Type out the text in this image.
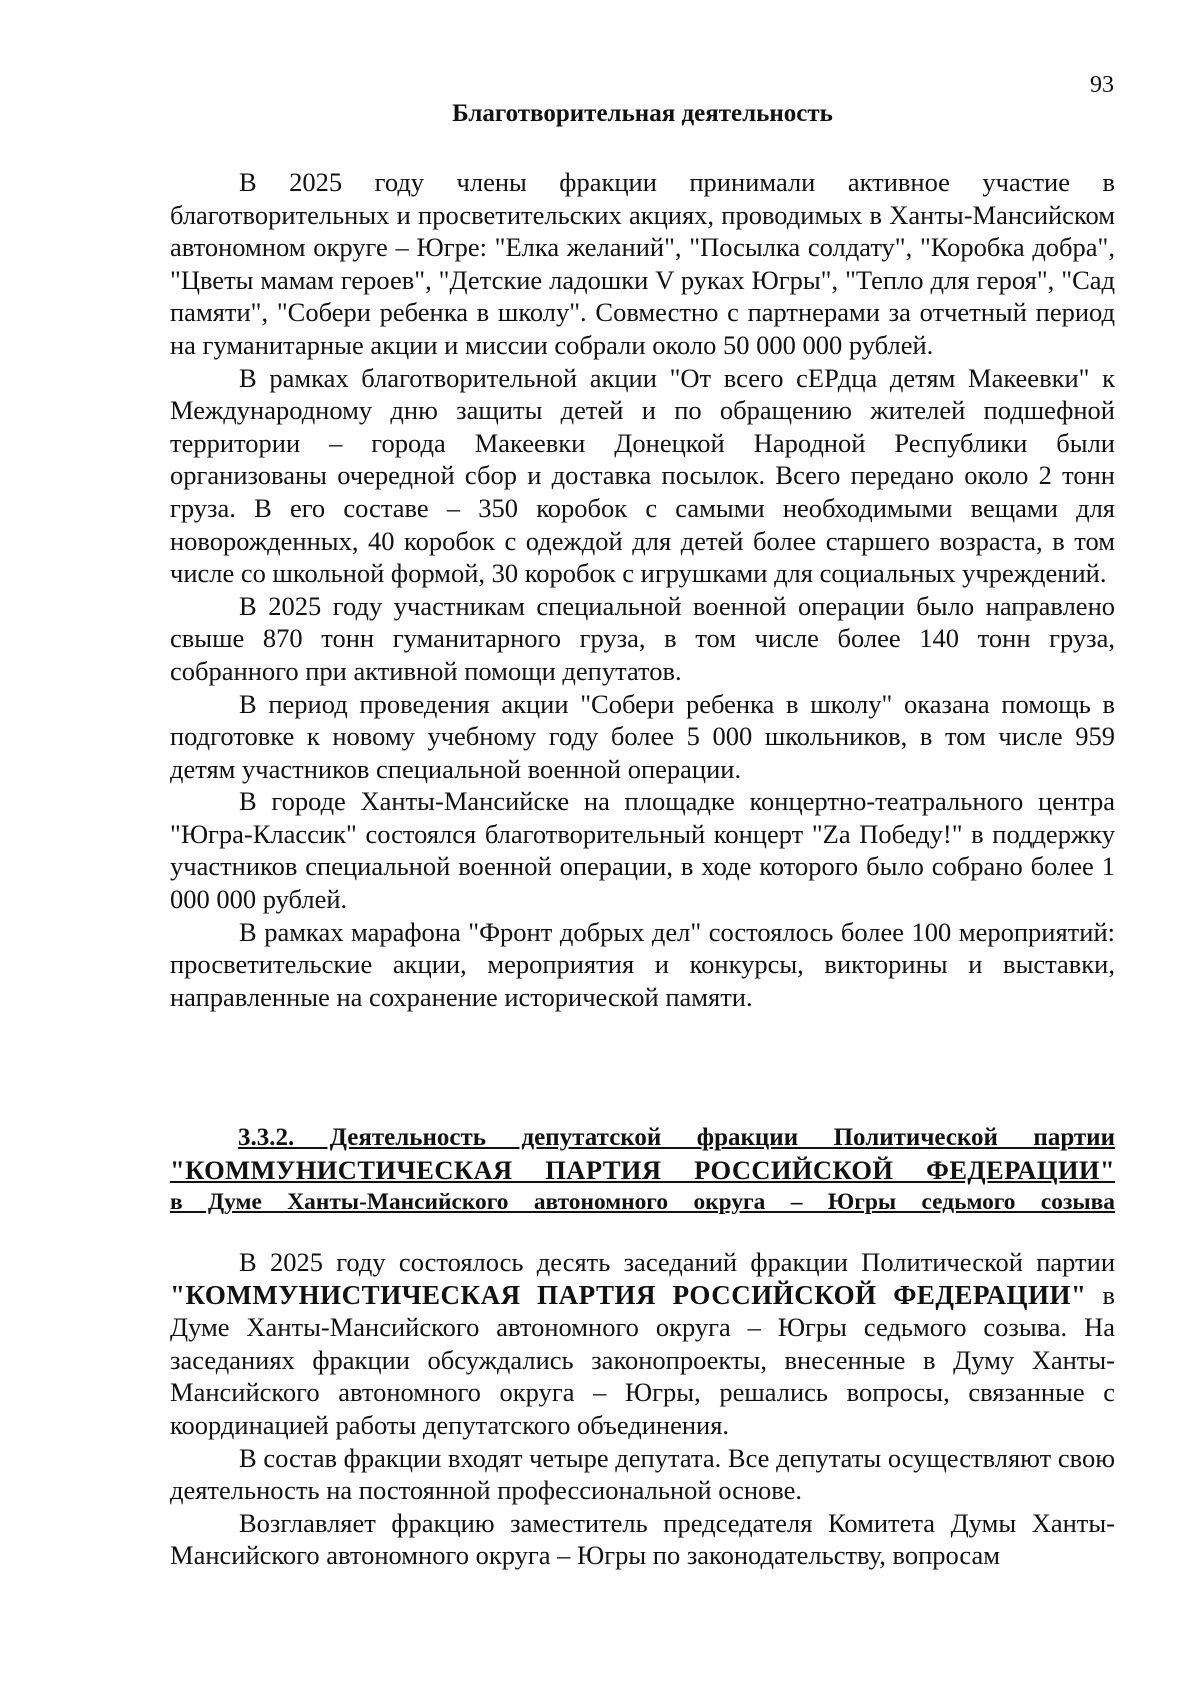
93
Благотворительная деятельность

В 2025 году члены фракции принимали активное участие в благотворительных и просветительских акциях, проводимых в Ханты-Мансийском автономном округе – Югре: "Елка желаний", "Посылка солдату", "Коробка добра", "Цветы мамам героев", "Детские ладошки V руках Югры", "Тепло для героя", "Сад памяти", "Собери ребенка в школу". Совместно с партнерами за отчетный период на гуманитарные акции и миссии собрали около 50 000 000 рублей.

В рамках благотворительной акции "От всего сЕРдца детям Макеевки" к Международному дню защиты детей и по обращению жителей подшефной территории – города Макеевки Донецкой Народной Республики были организованы очередной сбор и доставка посылок. Всего передано около 2 тонн груза. В его составе – 350 коробок с самыми необходимыми вещами для новорожденных, 40 коробок с одеждой для детей более старшего возраста, в том числе со школьной формой, 30 коробок с игрушками для социальных учреждений.

В 2025 году участникам специальной военной операции было направлено свыше 870 тонн гуманитарного груза, в том числе более 140 тонн груза, собранного при активной помощи депутатов.

В период проведения акции "Собери ребенка в школу" оказана помощь в подготовке к новому учебному году более 5 000 школьников, в том числе 959 детям участников специальной военной операции.

В городе Ханты-Мансийске на площадке концертно-театрального центра "Югра-Классик" состоялся благотворительный концерт "Za Победу!" в поддержку участников специальной военной операции, в ходе которого было собрано более 1 000 000 рублей.

В рамках марафона "Фронт добрых дел" состоялось более 100 мероприятий: просветительские акции, мероприятия и конкурсы, викторины и выставки, направленные на сохранение исторической памяти.

3.3.2. Деятельность депутатской фракции Политической партии
"КОММУНИСТИЧЕСКАЯ ПАРТИЯ РОССИЙСКОЙ ФЕДЕРАЦИИ"
в Думе Ханты-Мансийского автономного округа – Югры седьмого созыва

В 2025 году состоялось десять заседаний фракции Политической партии "КОММУНИСТИЧЕСКАЯ ПАРТИЯ РОССИЙСКОЙ ФЕДЕРАЦИИ" в Думе Ханты-Мансийского автономного округа – Югры седьмого созыва. На заседаниях фракции обсуждались законопроекты, внесенные в Думу Ханты-Мансийского автономного округа – Югры, решались вопросы, связанные с координацией работы депутатского объединения.

В состав фракции входят четыре депутата. Все депутаты осуществляют свою деятельность на постоянной профессиональной основе.

Возглавляет фракцию заместитель председателя Комитета Думы Ханты-Мансийского автономного округа – Югры по законодательству, вопросам
